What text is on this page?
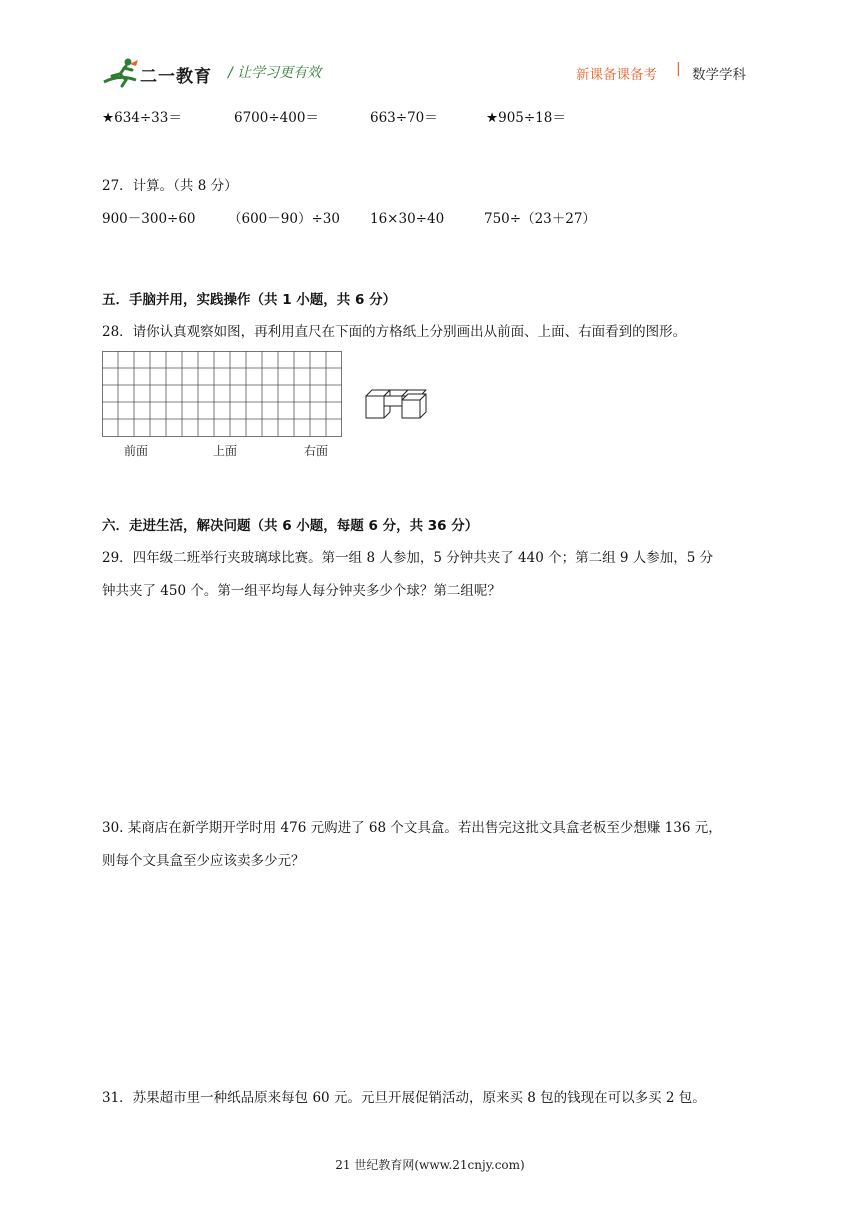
二一教育 / 让学习更有效	新课备课备考 | 数学学科
★634÷33＝	6700÷400＝	663÷70＝	★905÷18＝
27．计算。（共 8 分）
900－300÷60 （600－90）÷30 16×30÷40	750÷（23＋27）
五．手脑并用，实践操作（共 1 小题，共 6 分）
28．请你认真观察如图，再利用直尺在下面的方格纸上分别画出从前面、上面、右面看到的图形。
前面	上面	右面
六．走进生活，解决问题（共 6 小题，每题 6 分，共 36 分）
29．四年级二班举行夹玻璃球比赛。第一组 8 人参加，5 分钟共夹了 440 个；第二组 9 人参加，5 分
钟共夹了 450 个。第一组平均每人每分钟夹多少个球？第二组呢？
30. 某商店在新学期开学时用 476 元购进了 68 个文具盒。若出售完这批文具盒老板至少想赚 136 元，
则每个文具盒至少应该卖多少元？
31．苏果超市里一种纸品原来每包 60 元。元旦开展促销活动，原来买 8 包的钱现在可以多买 2 包。
21 世纪教育网(www.21cnjy.com)
